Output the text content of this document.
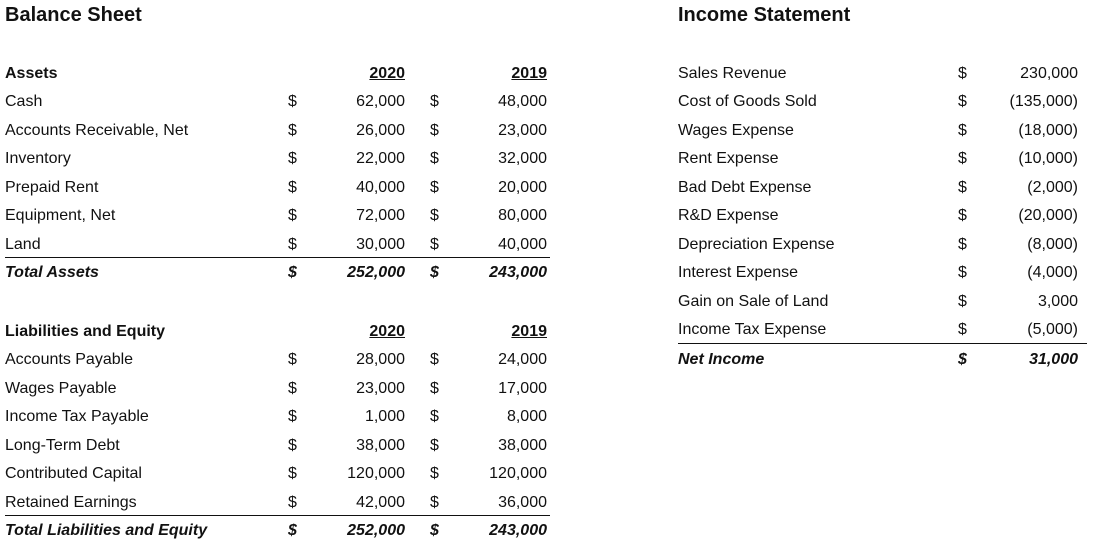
Balance Sheet	Income Statement
Assets	2020	2019
Cash	$	62,000 $	48,000
Accounts Receivable, Net	$	26,000 $	23,000
Inventory	$	22,000 $	32,000
Prepaid Rent	$	40,000 $	20,000
Equipment, Net	$	72,000 $	80,000
Land	$	30,000 $	40,000
Total Assets	$	252,000 $	243,000
Liabilities and Equity	2020	2019
Accounts Payable	$	28,000 $	24,000
Wages Payable	$	23,000 $	17,000
Income Tax Payable	$	1,000 $	8,000
Long-Term Debt	$	38,000 $	38,000
Contributed Capital	$	120,000 $	120,000
Retained Earnings	$	42,000 $	36,000
Total Liabilities and Equity	$	252,000 $	243,000
Sales Revenue	$	230,000
Cost of Goods Sold	$	(135,000)
Wages Expense	$	(18,000)
Rent Expense	$	(10,000)
Bad Debt Expense	$	(2,000)
R&D Expense	$	(20,000)
Depreciation Expense	$	(8,000)
Interest Expense	$	(4,000)
Gain on Sale of Land	$	3,000
Income Tax Expense	$	(5,000)
Net Income	$	31,000
